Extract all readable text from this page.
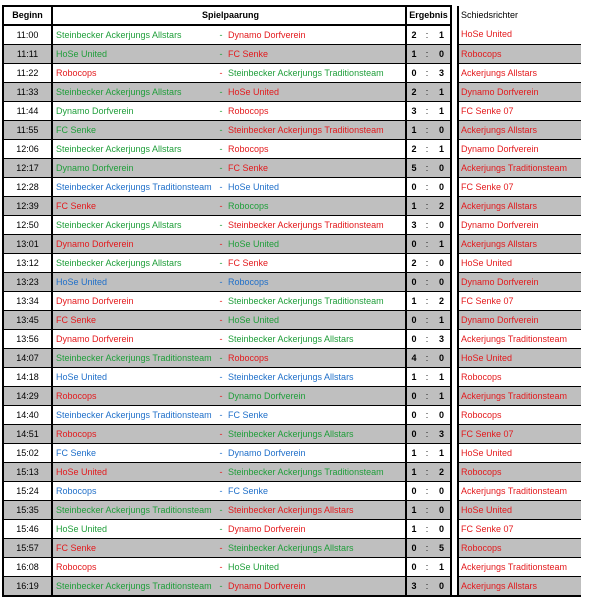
Beginn	Spielpaarung			Ergebnis				Schiedsrichter
11:00	Steinbecker Ackerjungs Allstars	-	Dynamo Dorfverein	2	:	1		HoSe United
11:11	HoSe United	-	FC Senke	1	:	0		Robocops
11:22	Robocops	-	Steinbecker Ackerjungs Traditionsteam	0	:	3		Ackerjungs Allstars
11:33	Steinbecker Ackerjungs Allstars	-	HoSe United	2	:	1		Dynamo Dorfverein
11:44	Dynamo Dorfverein	-	Robocops	3	:	1		FC Senke 07
11:55	FC Senke	-	Steinbecker Ackerjungs Traditionsteam	1	:	0		Ackerjungs Allstars
12:06	Steinbecker Ackerjungs Allstars	-	Robocops	2	:	1		Dynamo Dorfverein
12:17	Dynamo Dorfverein	-	FC Senke	5	:	0		Ackerjungs Traditionsteam
12:28	Steinbecker Ackerjungs Traditionsteam	-	HoSe United	0	:	0		FC Senke 07
12:39	FC Senke	-	Robocops	1	:	2		Ackerjungs Allstars
12:50	Steinbecker Ackerjungs Allstars	-	Steinbecker Ackerjungs Traditionsteam	3	:	0		Dynamo Dorfverein
13:01	Dynamo Dorfverein	-	HoSe United	0	:	1		Ackerjungs Allstars
13:12	Steinbecker Ackerjungs Allstars	-	FC Senke	2	:	0		HoSe United
13:23	HoSe United	-	Robocops	0	:	0		Dynamo Dorfverein
13:34	Dynamo Dorfverein	-	Steinbecker Ackerjungs Traditionsteam	1	:	2		FC Senke 07
13:45	FC Senke	-	HoSe United	0	:	1		Dynamo Dorfverein
13:56	Dynamo Dorfverein	-	Steinbecker Ackerjungs Allstars	0	:	3		Ackerjungs Traditionsteam
14:07	Steinbecker Ackerjungs Traditionsteam	-	Robocops	4	:	0		HoSe United
14:18	HoSe United	-	Steinbecker Ackerjungs Allstars	1	:	1		Robocops
14:29	Robocops	-	Dynamo Dorfverein	0	:	1		Ackerjungs Traditionsteam
14:40	Steinbecker Ackerjungs Traditionsteam	-	FC Senke	0	:	0		Robocops
14:51	Robocops	-	Steinbecker Ackerjungs Allstars	0	:	3		FC Senke 07
15:02	FC Senke	-	Dynamo Dorfverein	1	:	1		HoSe United
15:13	HoSe United	-	Steinbecker Ackerjungs Traditionsteam	1	:	2		Robocops
15:24	Robocops	-	FC Senke	0	:	0		Ackerjungs Traditionsteam
15:35	Steinbecker Ackerjungs Traditionsteam	-	Steinbecker Ackerjungs Allstars	1	:	0		HoSe United
15:46	HoSe United	-	Dynamo Dorfverein	1	:	0		FC Senke 07
15:57	FC Senke	-	Steinbecker Ackerjungs Allstars	0	:	5		Robocops
16:08	Robocops	-	HoSe United	0	:	1		Ackerjungs Traditionsteam
16:19	Steinbecker Ackerjungs Traditionsteam	-	Dynamo Dorfverein	3	:	0		Ackerjungs Allstars
